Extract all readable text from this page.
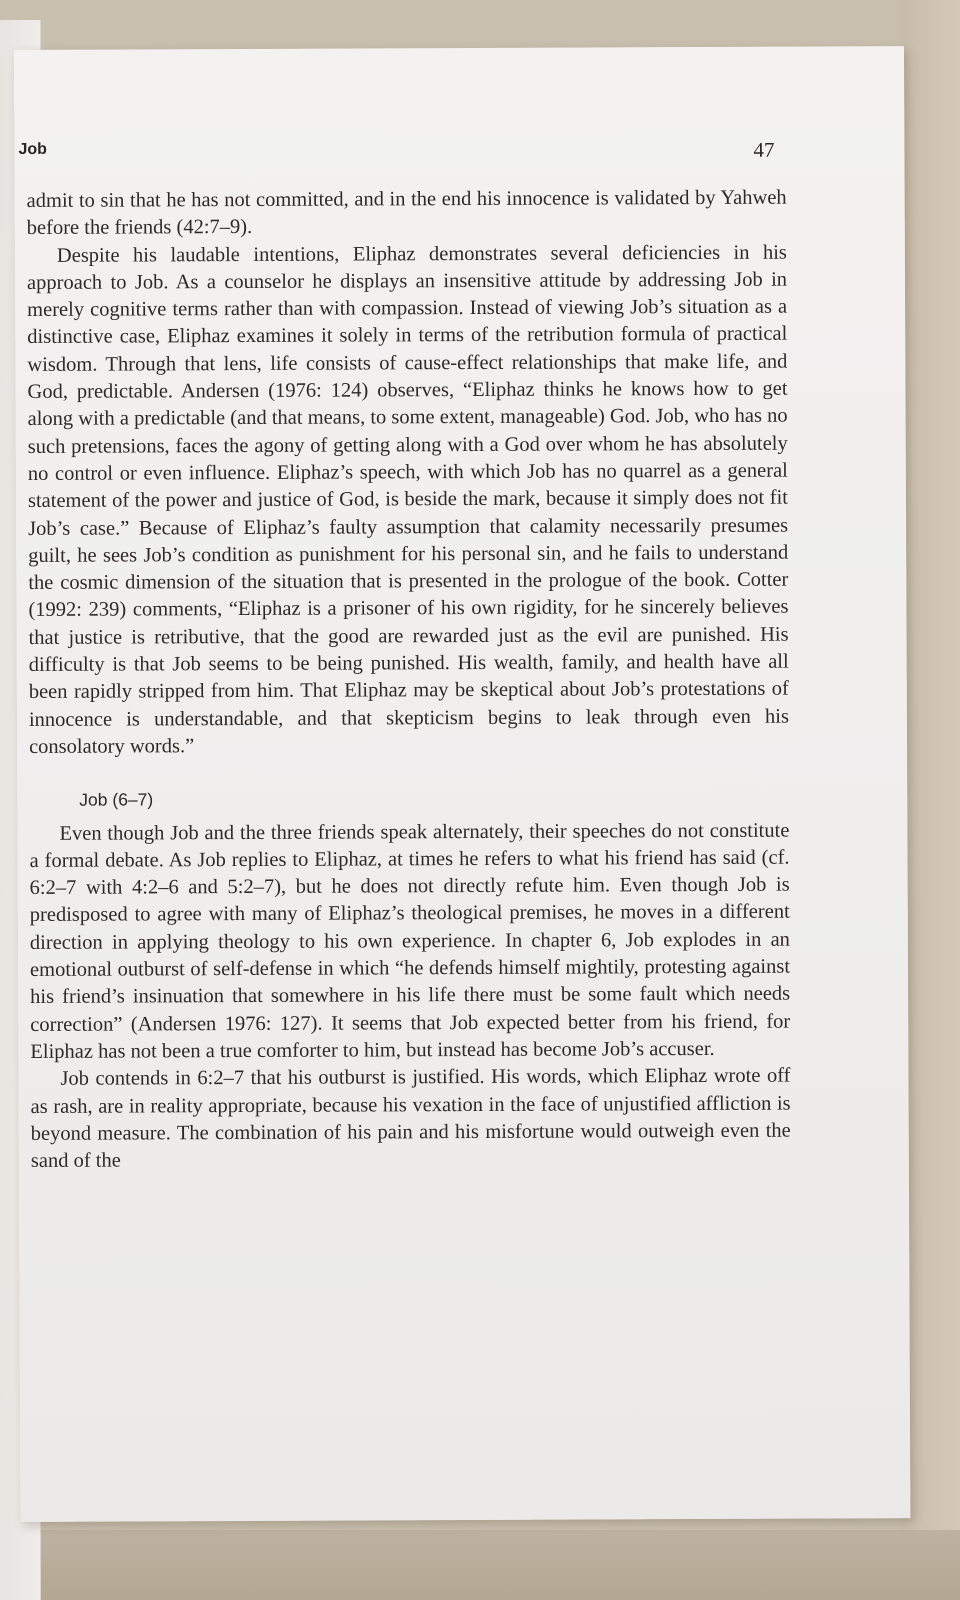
Job	47

admit to sin that he has not committed, and in the end his innocence is validated by Yahweh before the friends (42:7–9).

Despite his laudable intentions, Eliphaz demonstrates several deficiencies in his approach to Job. As a counselor he displays an insensitive attitude by addressing Job in merely cognitive terms rather than with compassion. Instead of viewing Job’s situation as a distinctive case, Eliphaz examines it solely in terms of the retribution formula of practical wisdom. Through that lens, life consists of cause-effect relationships that make life, and God, predictable. Andersen (1976: 124) observes, “Eliphaz thinks he knows how to get along with a predictable (and that means, to some extent, manageable) God. Job, who has no such pretensions, faces the agony of getting along with a God over whom he has absolutely no control or even influence. Eliphaz’s speech, with which Job has no quarrel as a general statement of the power and justice of God, is beside the mark, because it simply does not fit Job’s case.” Because of Eliphaz’s faulty assumption that calamity necessarily presumes guilt, he sees Job’s condition as punishment for his personal sin, and he fails to understand the cosmic dimension of the situation that is presented in the prologue of the book. Cotter (1992: 239) comments, “Eliphaz is a prisoner of his own rigidity, for he sincerely believes that justice is retributive, that the good are rewarded just as the evil are punished. His difficulty is that Job seems to be being punished. His wealth, family, and health have all been rapidly stripped from him. That Eliphaz may be skeptical about Job’s protestations of innocence is understandable, and that skepticism begins to leak through even his consolatory words.”

Job (6–7)

Even though Job and the three friends speak alternately, their speeches do not constitute a formal debate. As Job replies to Eliphaz, at times he refers to what his friend has said (cf. 6:2–7 with 4:2–6 and 5:2–7), but he does not directly refute him. Even though Job is predisposed to agree with many of Eliphaz’s theological premises, he moves in a different direction in applying theology to his own experience. In chapter 6, Job explodes in an emotional outburst of self-defense in which “he defends himself mightily, protesting against his friend’s insinuation that somewhere in his life there must be some fault which needs correction” (Andersen 1976: 127). It seems that Job expected better from his friend, for Eliphaz has not been a true comforter to him, but instead has become Job’s accuser.

Job contends in 6:2–7 that his outburst is justified. His words, which Eliphaz wrote off as rash, are in reality appropriate, because his vexation in the face of unjustified affliction is beyond measure. The combination of his pain and his misfortune would outweigh even the sand of the
